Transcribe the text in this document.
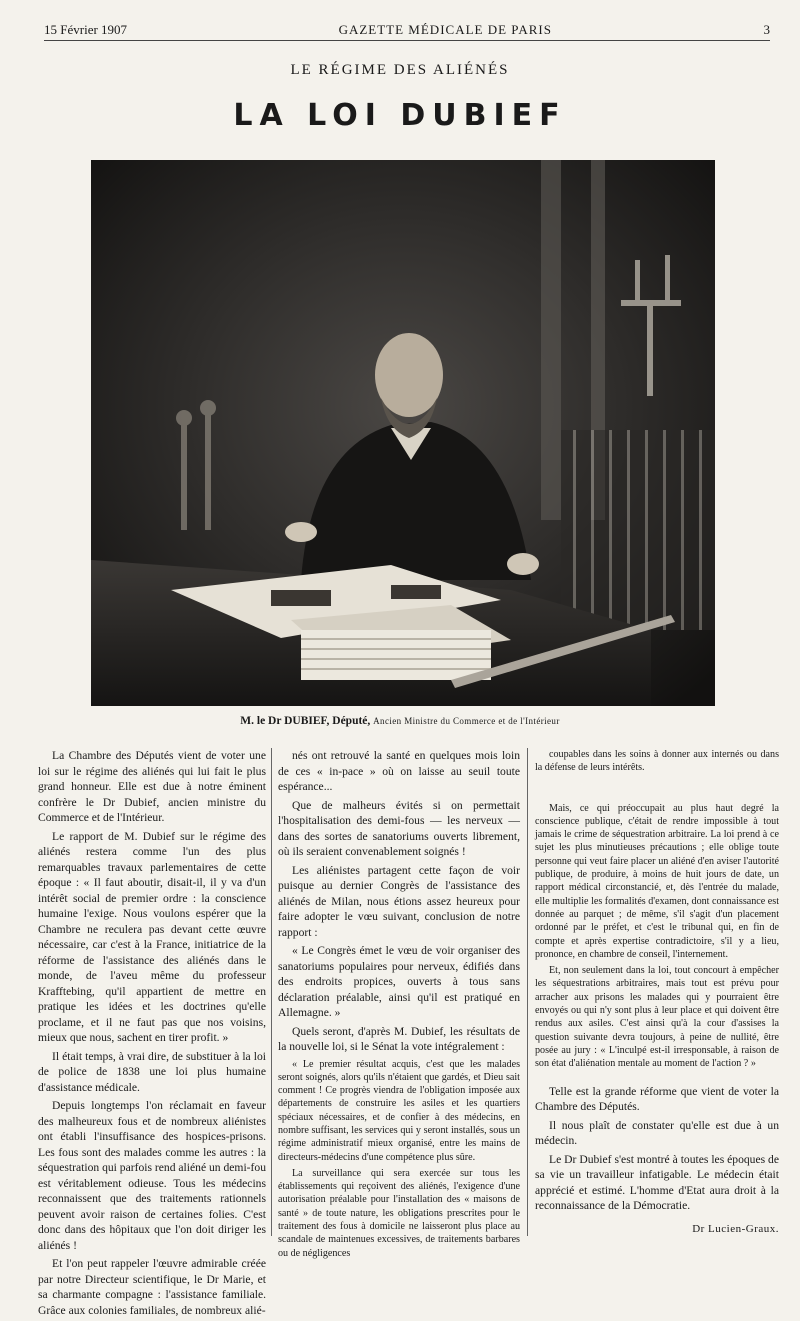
15 Février 1907	GAZETTE MÉDICALE DE PARIS	3
LE RÉGIME DES ALIÉNÉS
LA LOI DUBIEF
M. le Dr DUBIEF, Député, Ancien Ministre du Commerce et de l'Intérieur

La Chambre des Députés vient de voter une loi sur le régime des aliénés qui lui fait le plus grand honneur. Elle est due à notre éminent confrère le Dr Dubief, ancien ministre du Commerce et de l'Intérieur.

Le rapport de M. Dubief sur le régime des aliénés restera comme l'un des plus remarquables travaux parlementaires de cette époque : « Il faut aboutir, disait-il, il y va d'un intérêt social de premier ordre : la conscience humaine l'exige. Nous voulons espérer que la Chambre ne reculera pas devant cette œuvre nécessaire, car c'est à la France, initiatrice de la réforme de l'assistance des aliénés dans le monde, de l'aveu même du professeur Krafftebing, qu'il appartient de mettre en pratique les idées et les doctrines qu'elle proclame, et il ne faut pas que nos voisins, mieux que nous, sachent en tirer profit. »

Il était temps, à vrai dire, de substituer à la loi de police de 1838 une loi plus humaine d'assistance médicale.

Depuis longtemps l'on réclamait en faveur des malheureux fous et de nombreux aliénistes ont établi l'insuffisance des hospices-prisons. Les fous sont des malades comme les autres : la séquestration qui parfois rend aliéné un demi-fou est véritablement odieuse. Tous les médecins reconnaissent que des traitements rationnels peuvent avoir raison de certaines folies. C'est donc dans des hôpitaux que l'on doit diriger les aliénés !

Et l'on peut rappeler l'œuvre admirable créée par notre Directeur scientifique, le Dr Marie, et sa charmante compagne : l'assistance familiale. Grâce aux colonies familiales, de nombreux alié-

nés ont retrouvé la santé en quelques mois loin de ces « in-pace » où on laisse au seuil toute espérance...

Que de malheurs évités si on permettait l'hospitalisation des demi-fous — les nerveux — dans des sortes de sanatoriums ouverts librement, où ils seraient convenablement soignés !

Les aliénistes partagent cette façon de voir puisque au dernier Congrès de l'assistance des aliénés de Milan, nous étions assez heureux pour faire adopter le vœu suivant, conclusion de notre rapport :

« Le Congrès émet le vœu de voir organiser des sanatoriums populaires pour nerveux, édifiés dans des endroits propices, ouverts à tous sans déclaration préalable, ainsi qu'il est pratiqué en Allemagne. »

Quels seront, d'après M. Dubief, les résultats de la nouvelle loi, si le Sénat la vote intégralement :

« Le premier résultat acquis, c'est que les malades seront soignés, alors qu'ils n'étaient que gardés, et Dieu sait comment ! Ce progrès viendra de l'obligation imposée aux départements de construire les asiles et les quartiers spéciaux nécessaires, et de confier à des médecins, en nombre suffisant, les services qui y seront installés, sous un régime administratif mieux organisé, entre les mains de directeurs-médecins d'une compétence plus sûre.

La surveillance qui sera exercée sur tous les établissements qui reçoivent des aliénés, l'exigence d'une autorisation préalable pour l'installation des « maisons de santé » de toute nature, les obligations prescrites pour le traitement des fous à domicile ne laisseront plus place au scandale de maintenues excessives, de traitements barbares ou de négligences

coupables dans les soins à donner aux internés ou dans la défense de leurs intérêts.

Mais, ce qui préoccupait au plus haut degré la conscience publique, c'était de rendre impossible à tout jamais le crime de séquestration arbitraire. La loi prend à ce sujet les plus minutieuses précautions ; elle oblige toute personne qui veut faire placer un aliéné d'en aviser l'autorité publique, de produire, à moins de huit jours de date, un rapport médical circonstancié, et, dès l'entrée du malade, elle multiplie les formalités d'examen, dont connaissance est donnée au parquet ; de même, s'il s'agit d'un placement ordonné par le préfet, et c'est le tribunal qui, en fin de compte et après expertise contradictoire, s'il y a lieu, prononce, en chambre de conseil, l'internement.

Et, non seulement dans la loi, tout concourt à empêcher les séquestrations arbitraires, mais tout est prévu pour arracher aux prisons les malades qui y pourraient être envoyés ou qui n'y sont plus à leur place et qui doivent être rendus aux asiles. C'est ainsi qu'à la cour d'assises la question suivante devra toujours, à peine de nullité, être posée au jury : « L'inculpé est-il irresponsable, à raison de son état d'aliénation mentale au moment de l'action ? »

Telle est la grande réforme que vient de voter la Chambre des Députés.

Il nous plaît de constater qu'elle est due à un médecin.

Le Dr Dubief s'est montré à toutes les époques de sa vie un travailleur infatigable. Le médecin était apprécié et estimé. L'homme d'Etat aura droit à la reconnaissance de la Démocratie.

Dr Lucien-Graux.
